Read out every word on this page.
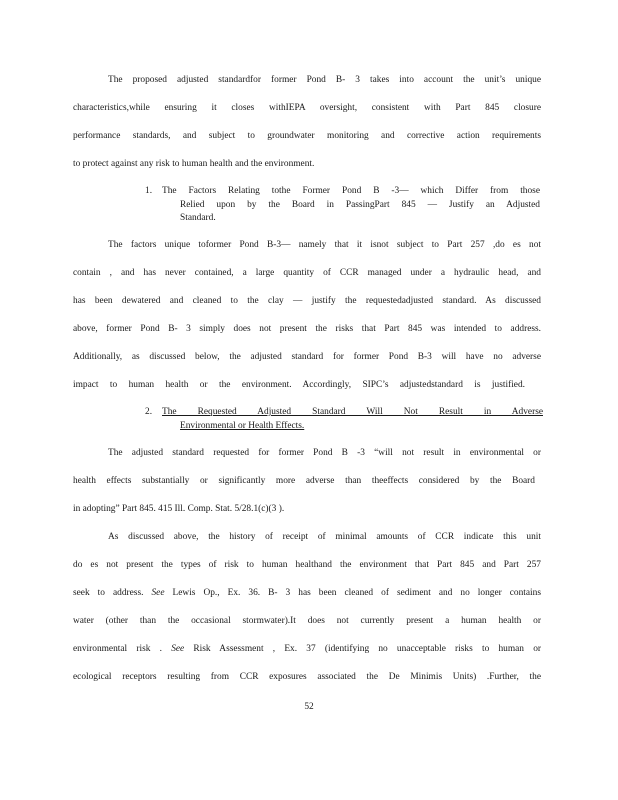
The proposed adjusted standardfor former Pond B- 3 takes into account the unit’s unique
characteristics,while ensuring it closes withIEPA oversight, consistent with Part 845 closure
performance standards, and subject to groundwater monitoring and corrective action requirements
to protect against any risk to human health and the environment.
1. The Factors Relating tothe Former Pond B -3— which Differ from those
Relied upon by the Board in PassingPart 845 — Justify an Adjusted
Standard.
The factors unique toformer Pond B-3— namely that it isnot subject to Part 257 ,do es not
contain , and has never contained, a large quantity of CCR managed under a hydraulic head, and
has been dewatered and cleaned to the clay — justify the requestedadjusted standard. As discussed
above, former Pond B- 3 simply does not present the risks that Part 845 was intended to address.
Additionally, as discussed below, the adjusted standard for former Pond B-3 will have no adverse
impact to human health or the environment. Accordingly, SIPC’s adjustedstandard is justified.
2. The Requested Adjusted Standard Will Not Result in Adverse
Environmental or Health Effects.
The adjusted standard requested for former Pond B -3 “will not result in environmental or
health effects substantially or significantly more adverse than theeffects considered by the Board
in adopting” Part 845. 415 Ill. Comp. Stat. 5/28.1(c)(3 ).
As discussed above, the history of receipt of minimal amounts of CCR indicate this unit
do es not present the types of risk to human healthand the environment that Part 845 and Part 257
seek to address. See Lewis Op., Ex. 36. B- 3 has been cleaned of sediment and no longer contains
water (other than the occasional stormwater).It does not currently present a human health or
environmental risk . See Risk Assessment , Ex. 37 (identifying no unacceptable risks to human or
ecological receptors resulting from CCR exposures associated the De Minimis Units) .Further, the
52
